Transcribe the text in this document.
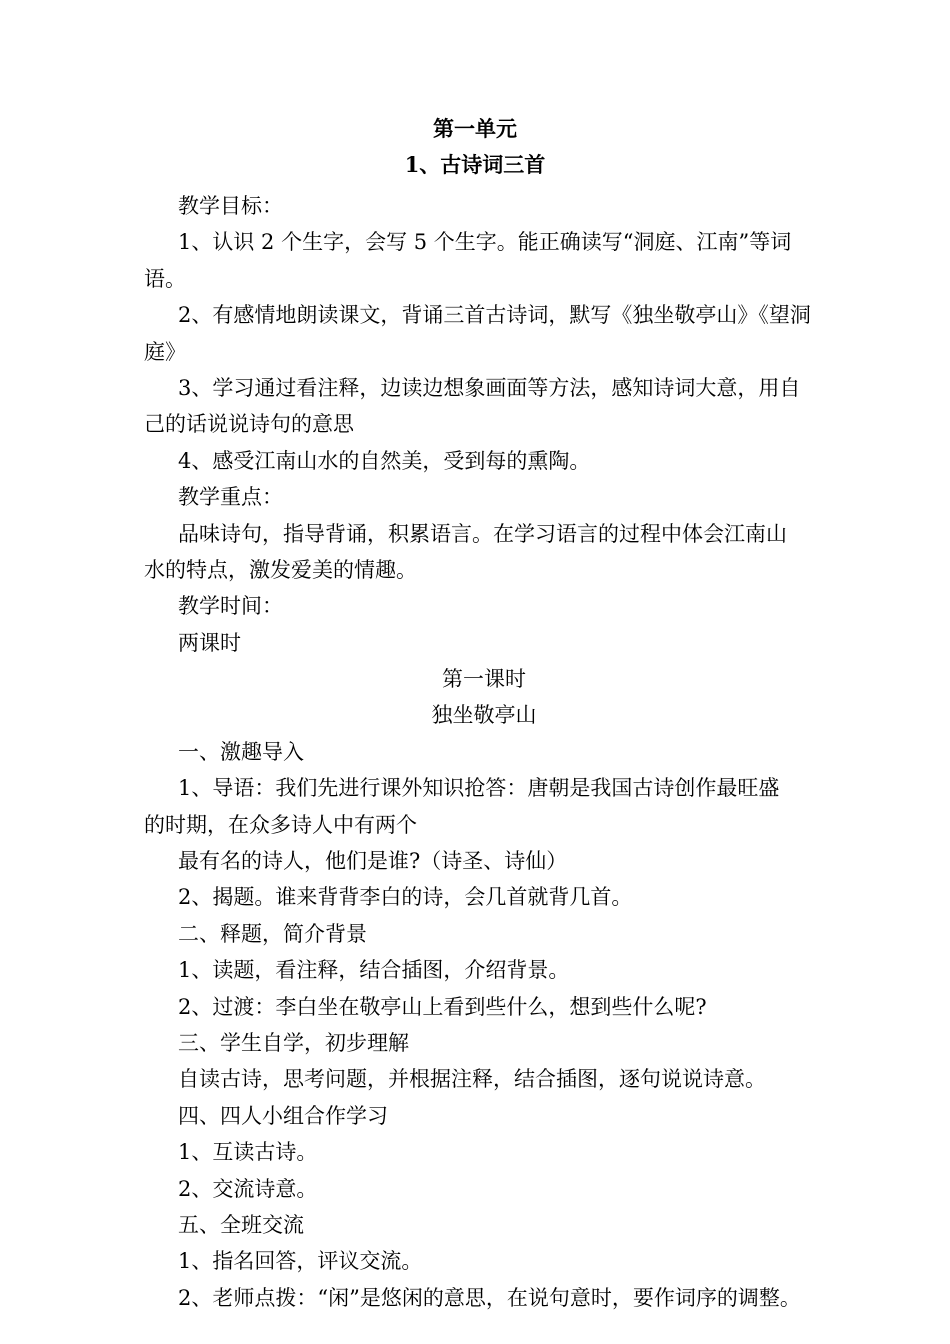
第一单元
1、古诗词三首
教学目标：
1、认识 2 个生字，会写 5 个生字。能正确读写“洞庭、江南”等词
语。
2、有感情地朗读课文，背诵三首古诗词，默写《独坐敬亭山》《望洞
庭》
3、学习通过看注释，边读边想象画面等方法，感知诗词大意，用自
己的话说说诗句的意思
4、感受江南山水的自然美，受到每的熏陶。
教学重点：
品味诗句，指导背诵，积累语言。在学习语言的过程中体会江南山
水的特点，激发爱美的情趣。
教学时间：
两课时
第一课时
独坐敬亭山
一、激趣导入
1、导语：我们先进行课外知识抢答：唐朝是我国古诗创作最旺盛
的时期，在众多诗人中有两个
最有名的诗人，他们是谁?（诗圣、诗仙）
2、揭题。谁来背背李白的诗，会几首就背几首。
二、释题，简介背景
1、读题，看注释，结合插图，介绍背景。
2、过渡：李白坐在敬亭山上看到些什么，想到些什么呢?
三、学生自学，初步理解
自读古诗，思考问题，并根据注释，结合插图，逐句说说诗意。
四、四人小组合作学习
1、互读古诗。
2、交流诗意。
五、全班交流
1、指名回答，评议交流。
2、老师点拨：“闲”是悠闲的意思，在说句意时，要作词序的调整。
